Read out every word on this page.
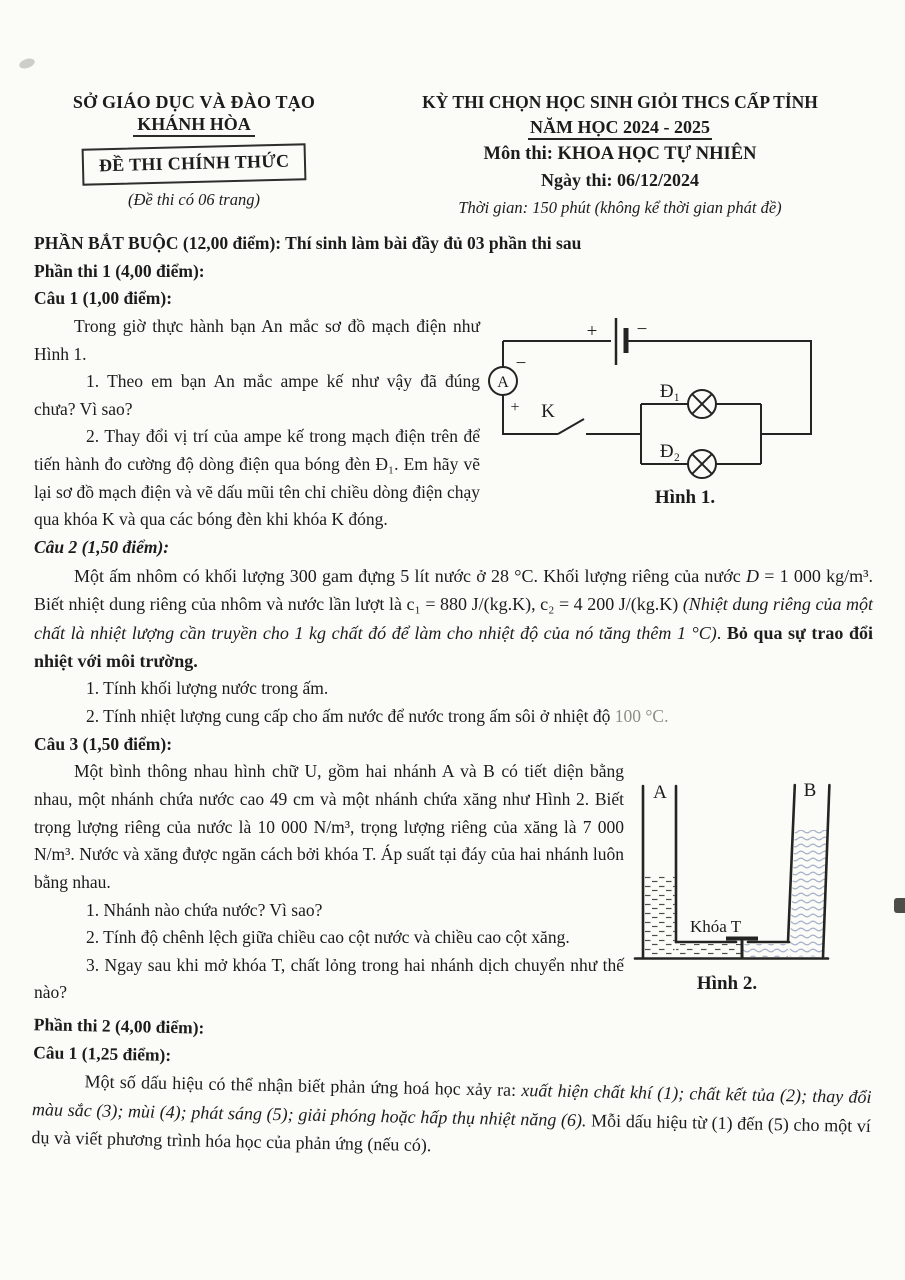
SỞ GIÁO DỤC VÀ ĐÀO TẠO
KHÁNH HÒA
ĐỀ THI CHÍNH THỨC
(Đề thi có 06 trang)
KỲ THI CHỌN HỌC SINH GIỎI THCS CẤP TỈNH
NĂM HỌC 2024 - 2025
Môn thi: KHOA HỌC TỰ NHIÊN
Ngày thi: 06/12/2024
Thời gian: 150 phút (không kể thời gian phát đề)

PHẦN BẮT BUỘC (12,00 điểm): Thí sinh làm bài đầy đủ 03 phần thi sau

Phần thi 1 (4,00 điểm):

Câu 1 (1,00 điểm):

Trong giờ thực hành bạn An mắc sơ đồ mạch điện như Hình 1.

1. Theo em bạn An mắc ampe kế như vậy đã đúng chưa? Vì sao?

2. Thay đổi vị trí của ampe kế trong mạch điện trên để tiến hành đo cường độ dòng điện qua bóng đèn Đ₁. Em hãy vẽ lại sơ đồ mạch điện và vẽ dấu mũi tên chỉ chiều dòng điện chạy qua khóa K và qua các bóng đèn khi khóa K đóng.

+ −
A
−
+ K
Đ₁
Đ₂
Hình 1.

Câu 2 (1,50 điểm):

Một ấm nhôm có khối lượng 300 gam đựng 5 lít nước ở 28 °C. Khối lượng riêng của nước D = 1 000 kg/m³. Biết nhiệt dung riêng của nhôm và nước lần lượt là c₁ = 880 J/(kg.K), c₂ = 4 200 J/(kg.K) (Nhiệt dung riêng của một chất là nhiệt lượng cần truyền cho 1 kg chất đó để làm cho nhiệt độ của nó tăng thêm 1 °C). Bỏ qua sự trao đổi nhiệt với môi trường.

1. Tính khối lượng nước trong ấm.

2. Tính nhiệt lượng cung cấp cho ấm nước để nước trong ấm sôi ở nhiệt độ 100 °C.

Câu 3 (1,50 điểm):

Một bình thông nhau hình chữ U, gồm hai nhánh A và B có tiết diện bằng nhau, một nhánh chứa nước cao 49 cm và một nhánh chứa xăng như Hình 2. Biết trọng lượng riêng của nước là 10 000 N/m³, trọng lượng riêng của xăng là 7 000 N/m³. Nước và xăng được ngăn cách bởi khóa T. Áp suất tại đáy của hai nhánh luôn bằng nhau.

1. Nhánh nào chứa nước? Vì sao?

2. Tính độ chênh lệch giữa chiều cao cột nước và chiều cao cột xăng.

3. Ngay sau khi mở khóa T, chất lỏng trong hai nhánh dịch chuyển như thế nào?

A	B
Khóa T
Hình 2.

Phần thi 2 (4,00 điểm):

Câu 1 (1,25 điểm):

Một số dấu hiệu có thể nhận biết phản ứng hoá học xảy ra: xuất hiện chất khí (1); chất kết tủa (2); thay đổi màu sắc (3); mùi (4); phát sáng (5); giải phóng hoặc hấp thụ nhiệt năng (6). Mỗi dấu hiệu từ (1) đến (5) cho một ví dụ và viết phương trình hóa học của phản ứng (nếu có).
